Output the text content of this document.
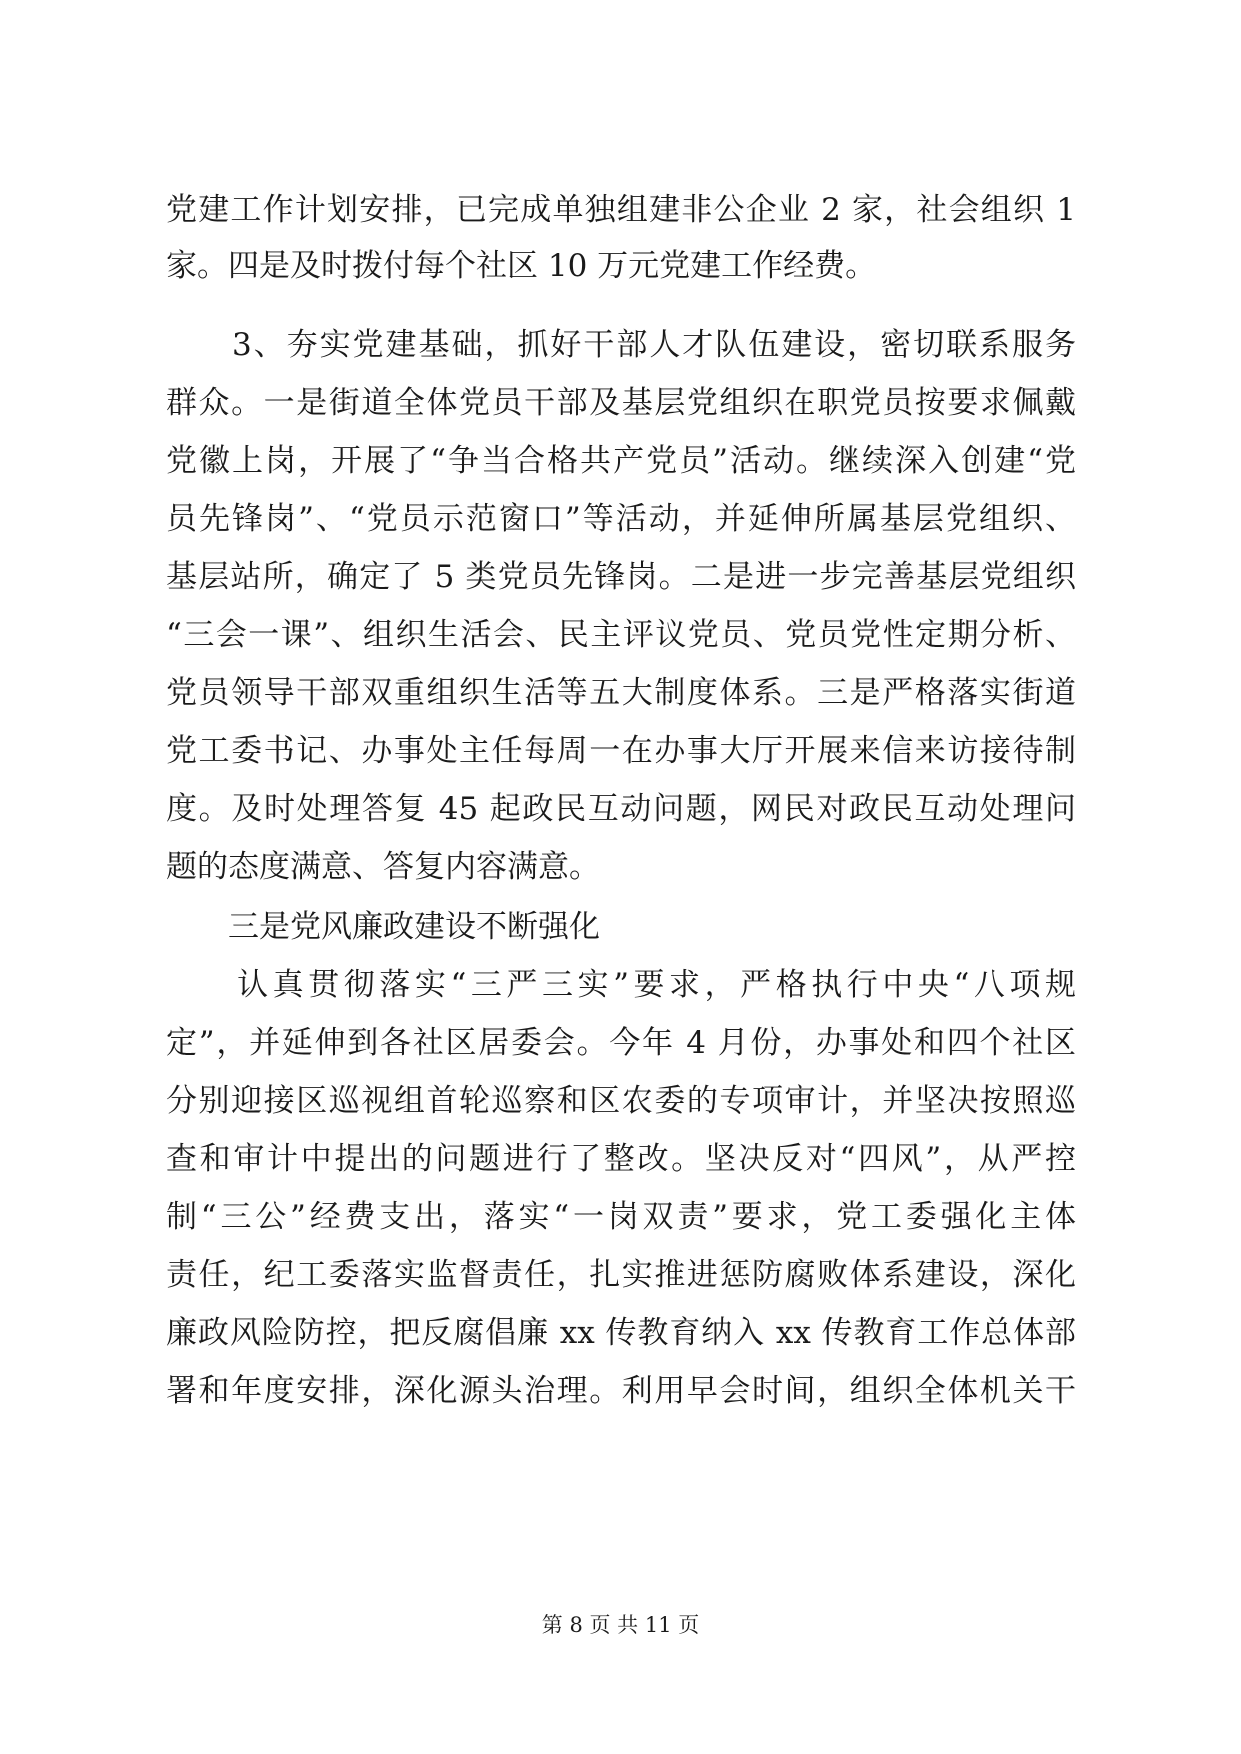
党建工作计划安排，已完成单独组建非公企业 2 家，社会组织 1
家。四是及时拨付每个社区 10 万元党建工作经费。
　　3、夯实党建基础，抓好干部人才队伍建设，密切联系服务
群众。一是街道全体党员干部及基层党组织在职党员按要求佩戴
党徽上岗，开展了“争当合格共产党员”活动。继续深入创建“党
员先锋岗”、“党员示范窗口”等活动，并延伸所属基层党组织、
基层站所，确定了 5 类党员先锋岗。二是进一步完善基层党组织
“三会一课”、组织生活会、民主评议党员、党员党性定期分析、
党员领导干部双重组织生活等五大制度体系。三是严格落实街道
党工委书记、办事处主任每周一在办事大厅开展来信来访接待制
度。及时处理答复 45 起政民互动问题，网民对政民互动处理问
题的态度满意、答复内容满意。
　　三是党风廉政建设不断强化
　　认真贯彻落实“三严三实”要求，严格执行中央“八项规
定”，并延伸到各社区居委会。今年 4 月份，办事处和四个社区
分别迎接区巡视组首轮巡察和区农委的专项审计，并坚决按照巡
查和审计中提出的问题进行了整改。坚决反对“四风”，从严控
制“三公”经费支出，落实“一岗双责”要求，党工委强化主体
责任，纪工委落实监督责任，扎实推进惩防腐败体系建设，深化
廉政风险防控，把反腐倡廉 xx 传教育纳入 xx 传教育工作总体部
署和年度安排，深化源头治理。利用早会时间，组织全体机关干
第 8 页 共 11 页
